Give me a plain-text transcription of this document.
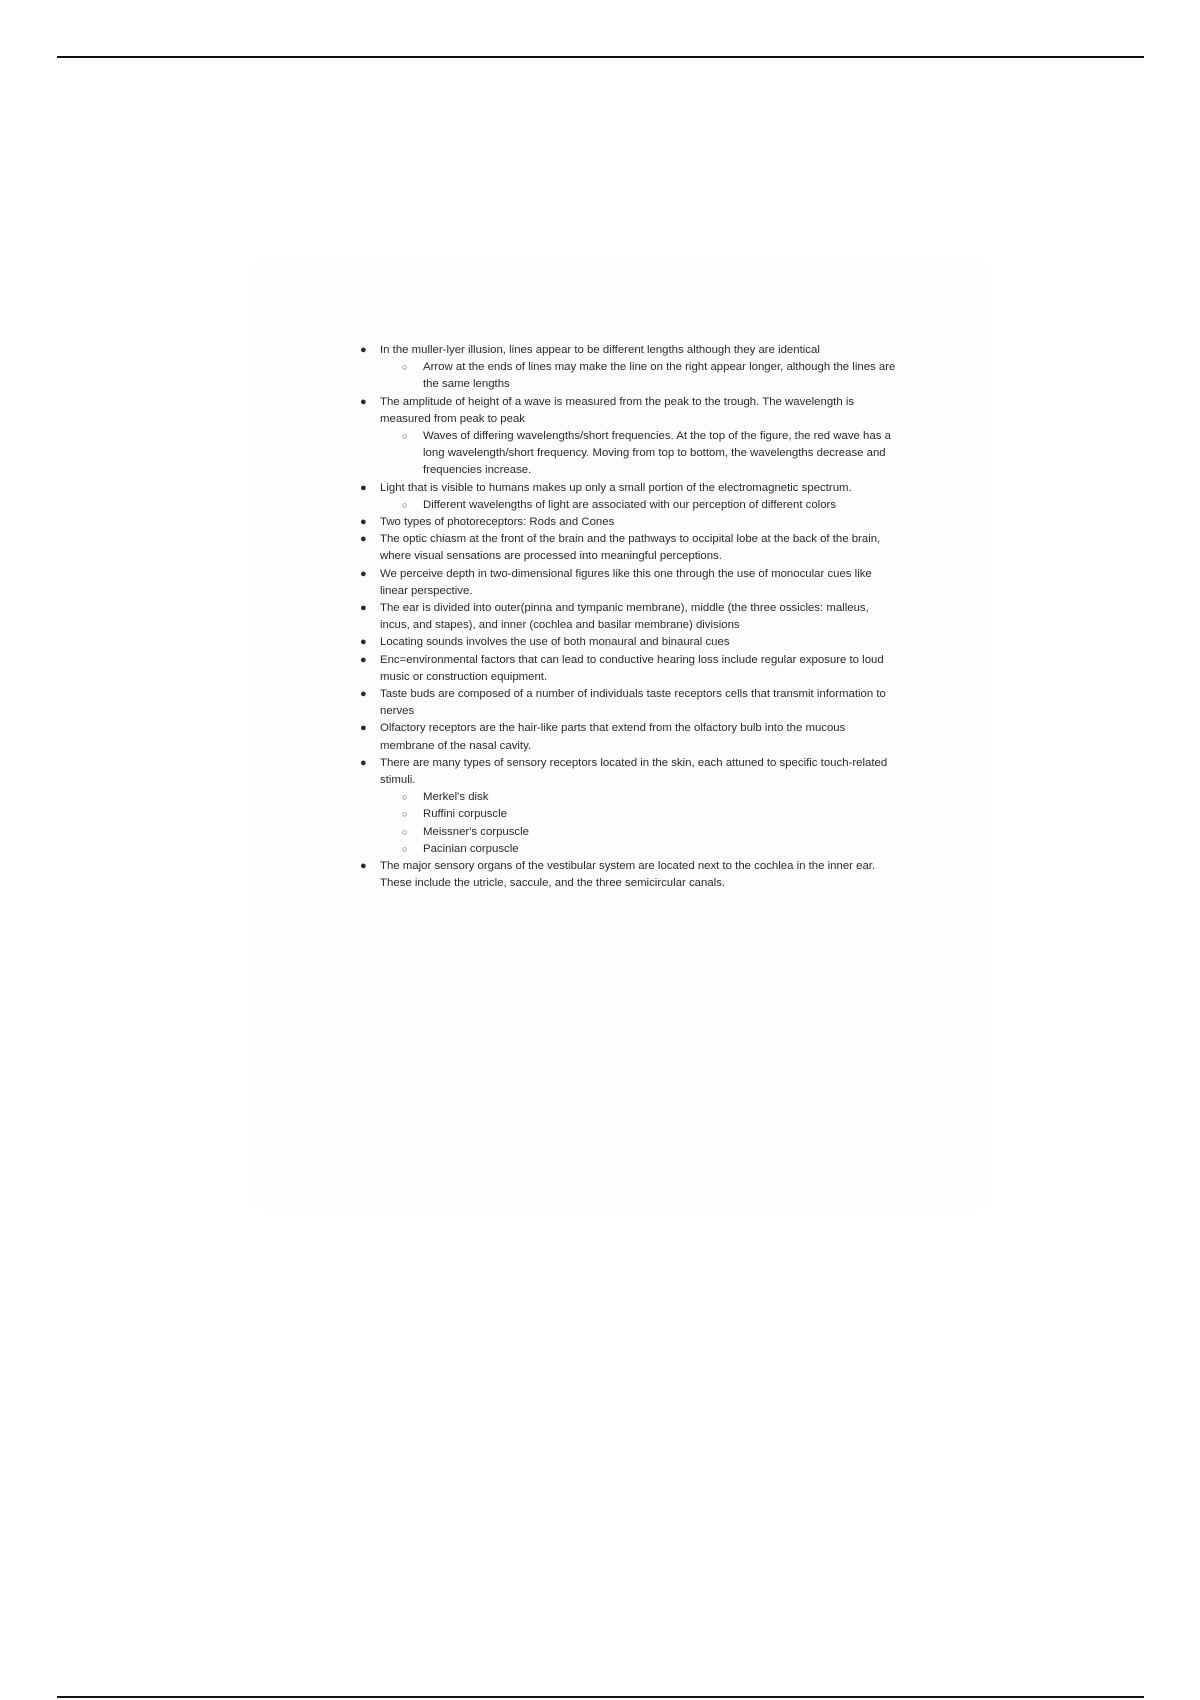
● In the muller-lyer illusion, lines appear to be different lengths although they are identical
○ Arrow at the ends of lines may make the line on the right appear longer, although the lines are the same lengths
● The amplitude of height of a wave is measured from the peak to the trough. The wavelength is measured from peak to peak
○ Waves of differing wavelengths/short frequencies. At the top of the figure, the red wave has a long wavelength/short frequency. Moving from top to bottom, the wavelengths decrease and frequencies increase.
● Light that is visible to humans makes up only a small portion of the electromagnetic spectrum.
○ Different wavelengths of light are associated with our perception of different colors
● Two types of photoreceptors: Rods and Cones
● The optic chiasm at the front of the brain and the pathways to occipital lobe at the back of the brain, where visual sensations are processed into meaningful perceptions.
● We perceive depth in two-dimensional figures like this one through the use of monocular cues like linear perspective.
● The ear is divided into outer(pinna and tympanic membrane), middle (the three ossicles: malleus, incus, and stapes), and inner (cochlea and basilar membrane) divisions
● Locating sounds involves the use of both monaural and binaural cues
● Enc=environmental factors that can lead to conductive hearing loss include regular exposure to loud music or construction equipment.
● Taste buds are composed of a number of individuals taste receptors cells that transmit information to nerves
● Olfactory receptors are the hair-like parts that extend from the olfactory bulb into the mucous membrane of the nasal cavity.
● There are many types of sensory receptors located in the skin, each attuned to specific touch-related stimuli.
○ Merkel's disk
○ Ruffini corpuscle
○ Meissner's corpuscle
○ Pacinian corpuscle
● The major sensory organs of the vestibular system are located next to the cochlea in the inner ear. These include the utricle, saccule, and the three semicircular canals.
